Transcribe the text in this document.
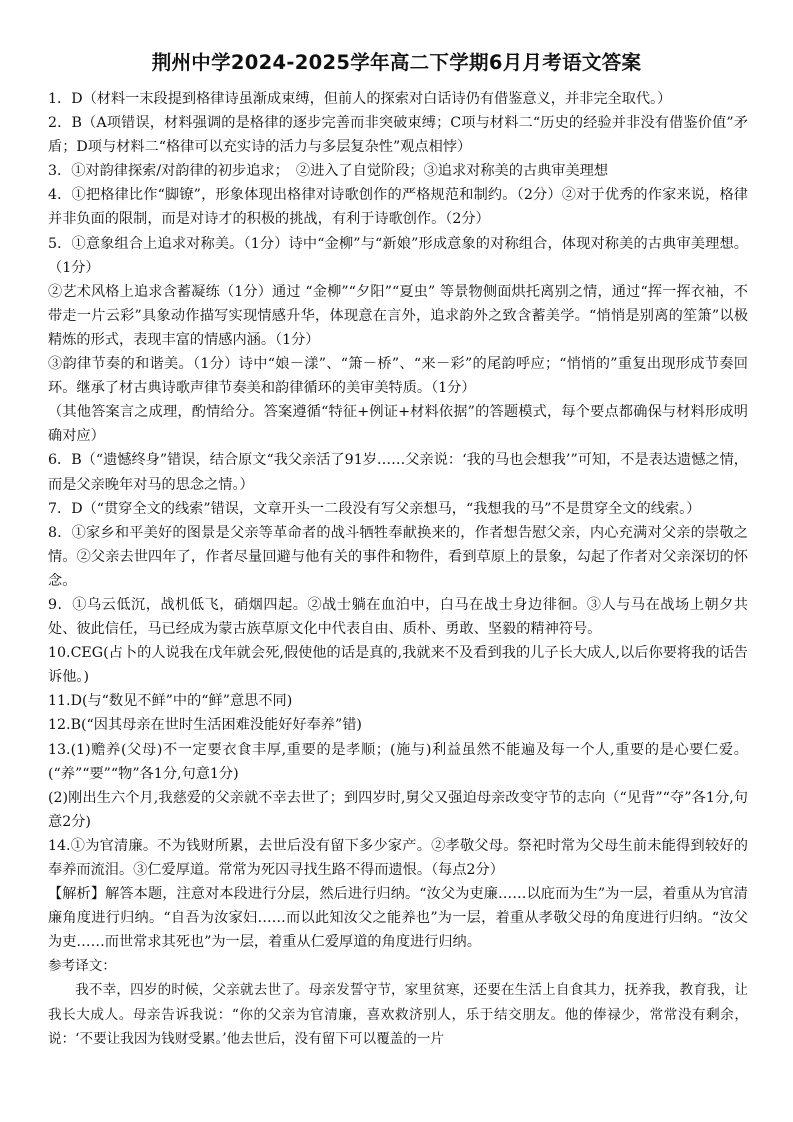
荆州中学2024-2025学年高二下学期6月月考语文答案

1．D（材料一末段提到格律诗虽渐成束缚，但前人的探索对白话诗仍有借鉴意义，并非完全取代。）

2．B（A项错误，材料强调的是格律的逐步完善而非突破束缚；C项与材料二“历史的经验并非没有借鉴价值”矛盾；D项与材料二“格律可以充实诗的活力与多层复杂性”观点相悖）

3．①对韵律探索/对韵律的初步追求；　②进入了自觉阶段；③追求对称美的古典审美理想

4．①把格律比作“脚镣”，形象体现出格律对诗歌创作的严格规范和制约。（2分）②对于优秀的作家来说，格律并非负面的限制，而是对诗才的积极的挑战，有利于诗歌创作。（2分）

5．①意象组合上追求对称美。（1分）诗中“金柳”与“新娘”形成意象的对称组合，体现对称美的古典审美理想。（1分）

②艺术风格上追求含蓄凝练（1分）通过 “金柳”“夕阳”“夏虫” 等景物侧面烘托离别之情，通过“挥一挥衣袖，不带走一片云彩”具象动作描写实现情感升华，体现意在言外，追求韵外之致含蓄美学。“悄悄是别离的笙箫”以极精炼的形式，表现丰富的情感内涵。（1分）

③韵律节奏的和谐美。（1分）诗中“娘－漾”、“箫－桥”、“来－彩”的尾韵呼应；“悄悄的”重复出现形成节奏回环。继承了材古典诗歌声律节奏美和韵律循环的美审美特质。（1分）

（其他答案言之成理，酌情给分。答案遵循“特征+例证+材料依据”的答题模式，每个要点都确保与材料形成明确对应）

6．B（“遗憾终身”错误，结合原文“我父亲活了91岁……父亲说：‘我的马也会想我’”可知，不是表达遗憾之情，而是父亲晚年对马的思念之情。）

7．D（“贯穿全文的线索”错误，文章开头一二段没有写父亲想马，“我想我的马”不是贯穿全文的线索。）

8．①家乡和平美好的图景是父亲等革命者的战斗牺牲奉献换来的，作者想告慰父亲，内心充满对父亲的崇敬之情。②父亲去世四年了，作者尽量回避与他有关的事件和物件，看到草原上的景象，勾起了作者对父亲深切的怀念。

9．①乌云低沉，战机低飞，硝烟四起。②战士躺在血泊中，白马在战士身边徘徊。③人与马在战场上朝夕共处、彼此信任，马已经成为蒙古族草原文化中代表自由、质朴、勇敢、坚毅的精神符号。

10.CEG(占卜的人说我在戊年就会死,假使他的话是真的,我就来不及看到我的儿子长大成人,以后你要将我的话告诉他。)

11.D(与“数见不鲜”中的“鲜”意思不同)

12.B(“因其母亲在世时生活困难没能好好奉养”错)

13.(1)赡养(父母)不一定要衣食丰厚,重要的是孝顺；(施与)利益虽然不能遍及每一个人,重要的是心要仁爱。(“养”“要”“物”各1分,句意1分)

(2)刚出生六个月,我慈爱的父亲就不幸去世了；到四岁时,舅父又强迫母亲改变守节的志向（“见背”“夺”各1分,句意2分)

14.①为官清廉。不为钱财所累，去世后没有留下多少家产。②孝敬父母。祭祀时常为父母生前未能得到较好的奉养而流泪。③仁爱厚道。常常为死囚寻找生路不得而遗恨。（每点2分）

【解析】解答本题，注意对本段进行分层，然后进行归纳。“汝父为吏廉……以庇而为生”为一层，着重从为官清廉角度进行归纳。“自吾为汝家妇……而以此知汝父之能养也”为一层，着重从孝敬父母的角度进行归纳。“汝父为吏……而世常求其死也”为一层，着重从仁爱厚道的角度进行归纳。

参考译文：

我不幸，四岁的时候，父亲就去世了。母亲发誓守节，家里贫寒，还要在生活上自食其力，抚养我，教育我，让我长大成人。母亲告诉我说：“你的父亲为官清廉，喜欢救济别人，乐于结交朋友。他的俸禄少，常常没有剩余，说：‘不要让我因为钱财受累。’他去世后，没有留下可以覆盖的一片
